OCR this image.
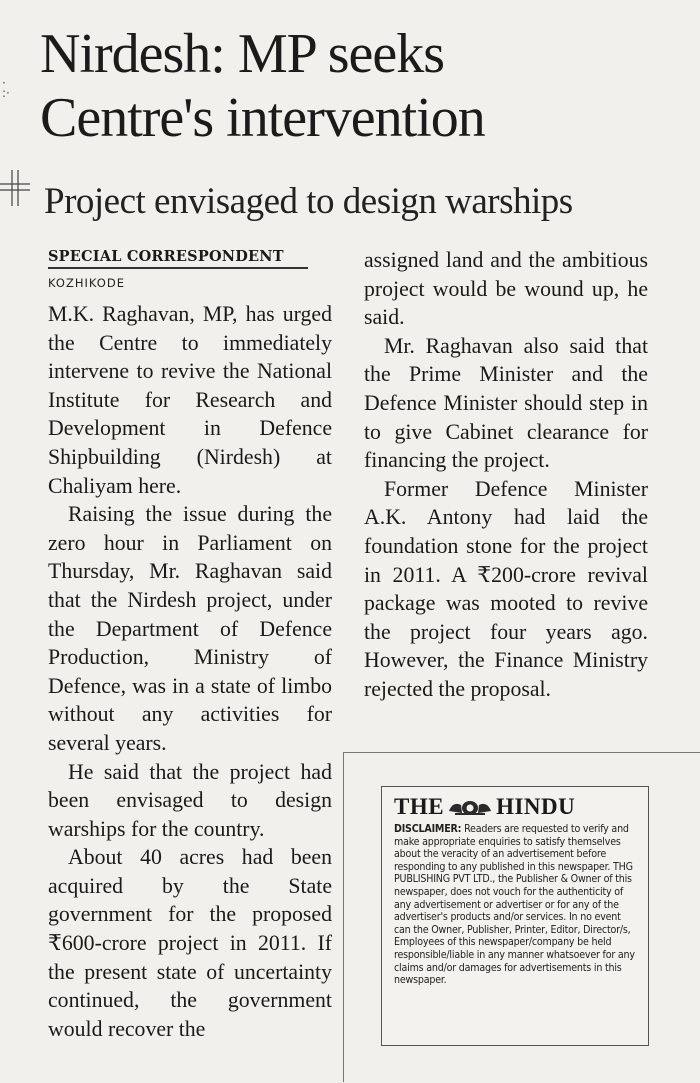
·
:·
Nirdesh: MP seeks
Centre's intervention
Project envisaged to design warships
SPECIAL CORRESPONDENT
KOZHIKODE

M.K. Raghavan, MP, has urged the Centre to immediately intervene to revive the National Institute for Research and Development in Defence Shipbuilding (Nirdesh) at Chaliyam here.

Raising the issue during the zero hour in Parliament on Thursday, Mr. Raghavan said that the Nirdesh project, under the Department of Defence Production, Ministry of Defence, was in a state of limbo without any activities for several years.

He said that the project had been envisaged to design warships for the country.

About 40 acres had been acquired by the State government for the proposed ₹600-crore project in 2011. If the present state of uncertainty continued, the government would recover the

assigned land and the ambitious project would be wound up, he said.

Mr. Raghavan also said that the Prime Minister and the Defence Minister should step in to give Cabinet clearance for financing the project.

Former Defence Minister A.K. Antony had laid the foundation stone for the project in 2011. A ₹200-crore revival package was mooted to revive the project four years ago. However, the Finance Ministry rejected the proposal.

THE HINDU
DISCLAIMER: Readers are requested to verify and make appropriate enquiries to satisfy themselves about the veracity of an advertisement before responding to any published in this newspaper. THG PUBLISHING PVT LTD., the Publisher & Owner of this newspaper, does not vouch for the authenticity of any advertisement or advertiser or for any of the advertiser's products and/or services. In no event can the Owner, Publisher, Printer, Editor, Director/s, Employees of this newspaper/company be held responsible/liable in any manner whatsoever for any claims and/or damages for advertisements in this newspaper.
